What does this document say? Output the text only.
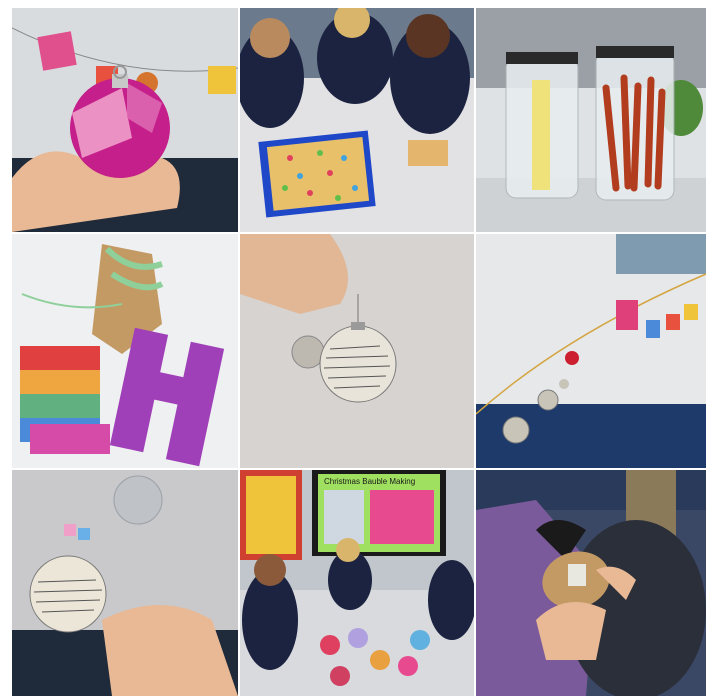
Christmas Bauble Making
